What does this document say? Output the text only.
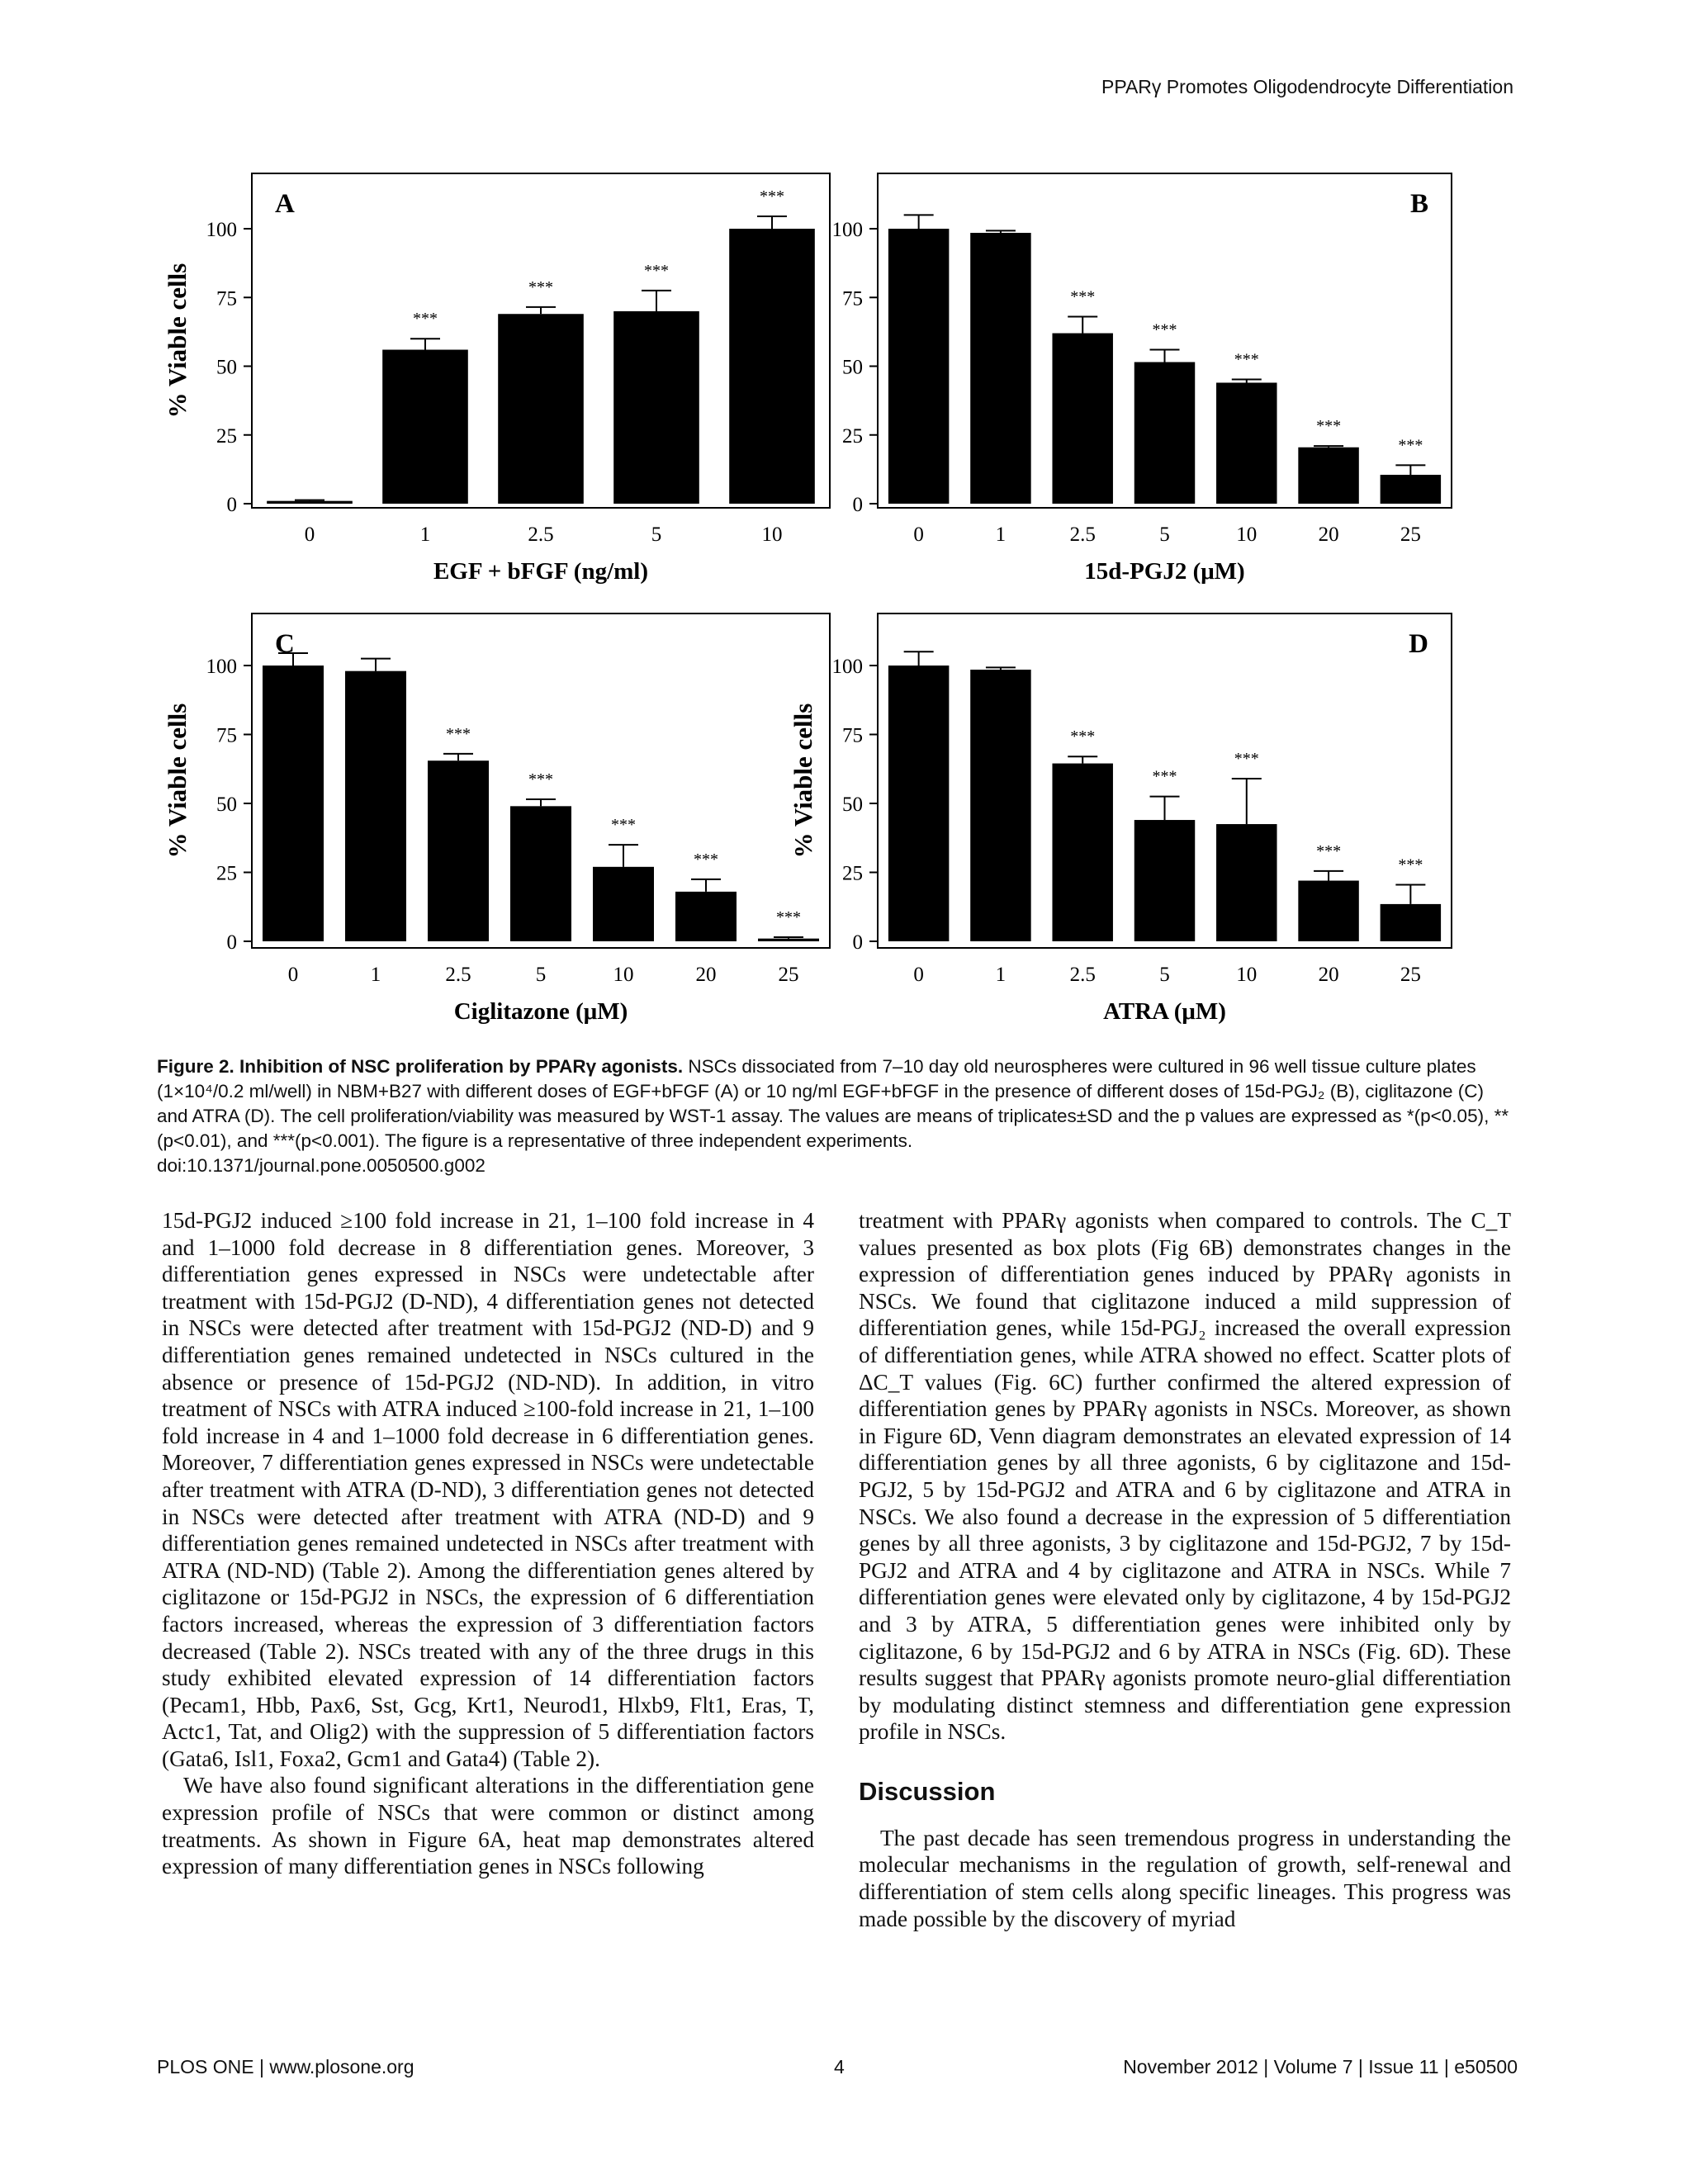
PPARγ Promotes Oligodendrocyte Differentiation
0
25
50
75
100
% Viable cells
0
***
1
***
2.5
***
5
***
10
A
EGF + bFGF (ng/ml)
0
25
50
75
100
% Viable cells
0	1
***
2.5
***
5
***
10
***
20
***
25
B
15d-PGJ2 (μM)
0
25
50
75
100
% Viable cells
0	1
***
2.5
***
5
***
10
***
20
***
25
C
Ciglitazone (μM)
0
25
50
75
100
% Viable cells
0	1
***
2.5
***
5
***
10
***
20
***
25
D
ATRA (μM)
Figure 2. Inhibition of NSC proliferation by PPARγ agonists. NSCs dissociated from 7–10 day old neurospheres were cultured in 96 well tissue culture plates (1×10⁴/0.2 ml/well) in NBM+B27 with different doses of EGF+bFGF (A) or 10 ng/ml EGF+bFGF in the presence of different doses of 15d-PGJ₂ (B), ciglitazone (C) and ATRA (D). The cell proliferation/viability was measured by WST-1 assay. The values are means of triplicates±SD and the p values are expressed as *(p<0.05), **(p<0.01), and ***(p<0.001). The figure is a representative of three independent experiments.
doi:10.1371/journal.pone.0050500.g002

15d-PGJ2 induced ≥100 fold increase in 21, 1–100 fold increase in 4 and 1–1000 fold decrease in 8 differentiation genes. Moreover, 3 differentiation genes expressed in NSCs were undetectable after treatment with 15d-PGJ2 (D-ND), 4 differentiation genes not detected in NSCs were detected after treatment with 15d-PGJ2 (ND-D) and 9 differentiation genes remained undetected in NSCs cultured in the absence or presence of 15d-PGJ2 (ND-ND). In addition, in vitro treatment of NSCs with ATRA induced ≥100-fold increase in 21, 1–100 fold increase in 4 and 1–1000 fold decrease in 6 differentiation genes. Moreover, 7 differentiation genes expressed in NSCs were undetectable after treatment with ATRA (D-ND), 3 differentiation genes not detected in NSCs were detected after treatment with ATRA (ND-D) and 9 differentiation genes remained undetected in NSCs after treatment with ATRA (ND-ND) (Table 2). Among the differentiation genes altered by ciglitazone or 15d-PGJ2 in NSCs, the expression of 6 differentiation factors increased, whereas the expression of 3 differentiation factors decreased (Table 2). NSCs treated with any of the three drugs in this study exhibited elevated expression of 14 differentiation factors (Pecam1, Hbb, Pax6, Sst, Gcg, Krt1, Neurod1, Hlxb9, Flt1, Eras, T, Actc1, Tat, and Olig2) with the suppression of 5 differentiation factors (Gata6, Isl1, Foxa2, Gcm1 and Gata4) (Table 2).

We have also found significant alterations in the differentiation gene expression profile of NSCs that were common or distinct among treatments. As shown in Figure 6A, heat map demonstrates altered expression of many differentiation genes in NSCs following

treatment with PPARγ agonists when compared to controls. The C_T values presented as box plots (Fig 6B) demonstrates changes in the expression of differentiation genes induced by PPARγ agonists in NSCs. We found that ciglitazone induced a mild suppression of differentiation genes, while 15d-PGJ₂ increased the overall expression of differentiation genes, while ATRA showed no effect. Scatter plots of ΔC_T values (Fig. 6C) further confirmed the altered expression of differentiation genes by PPARγ agonists in NSCs. Moreover, as shown in Figure 6D, Venn diagram demonstrates an elevated expression of 14 differentiation genes by all three agonists, 6 by ciglitazone and 15d-PGJ2, 5 by 15d-PGJ2 and ATRA and 6 by ciglitazone and ATRA in NSCs. We also found a decrease in the expression of 5 differentiation genes by all three agonists, 3 by ciglitazone and 15d-PGJ2, 7 by 15d-PGJ2 and ATRA and 4 by ciglitazone and ATRA in NSCs. While 7 differentiation genes were elevated only by ciglitazone, 4 by 15d-PGJ2 and 3 by ATRA, 5 differentiation genes were inhibited only by ciglitazone, 6 by 15d-PGJ2 and 6 by ATRA in NSCs (Fig. 6D). These results suggest that PPARγ agonists promote neuro-glial differentiation by modulating distinct stemness and differentiation gene expression profile in NSCs.

Discussion

The past decade has seen tremendous progress in understanding the molecular mechanisms in the regulation of growth, self-renewal and differentiation of stem cells along specific lineages. This progress was made possible by the discovery of myriad

PLOS ONE | www.plosone.org	4	November 2012 | Volume 7 | Issue 11 | e50500
